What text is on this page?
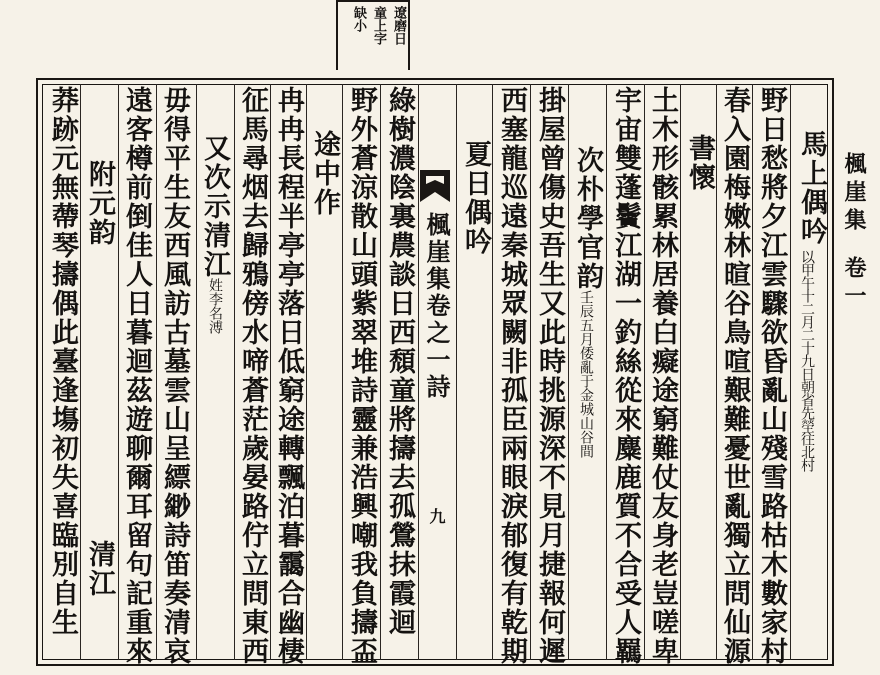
遼磨日
童上字
缺小
楓崖集
卷一
馬上偶吟
以甲午十二月二十九日朝省先塋往北村
野日愁將夕江雲驟欲昏亂山殘雪路枯木數家村
春入園梅嫩林暄谷鳥喧艱難憂世亂獨立問仙源
書懷
土木形骸累林居養白癡途窮難仗友身老豈嗟卑
宇宙雙蓬鬢江湖一釣絲從來麋鹿質不合受人羈
次朴學官韵
壬辰五月倭亂于金城山谷間
掛屋曾傷史吾生又此時挑源深不見月捷報何遲
西塞龍巡遠秦城眾闕非孤臣兩眼淚郁復有乾期
夏日偶吟
楓崖集卷之一詩
九
綠樹濃陰裏農談日西頹童將擣去孤鶯抹霞迴
野外蒼涼散山頭紫翠堆詩靈兼浩興嘲我負擣盃
途中作
冉冉長程半亭亭落日低窮途轉飄泊暮靄合幽棲
征馬尋烟去歸鴉傍水啼蒼茫歲晏路佇立問東西
又次示清江
姓李名溥
毋得平生友西風訪古墓雲山呈縹緲詩笛奏清哀
遠客樽前倒佳人日暮迴茲遊聊爾耳留句記重來
附元韵
清江
莽跡元無蔕琴擣偶此臺逢塲初失喜臨別自生
